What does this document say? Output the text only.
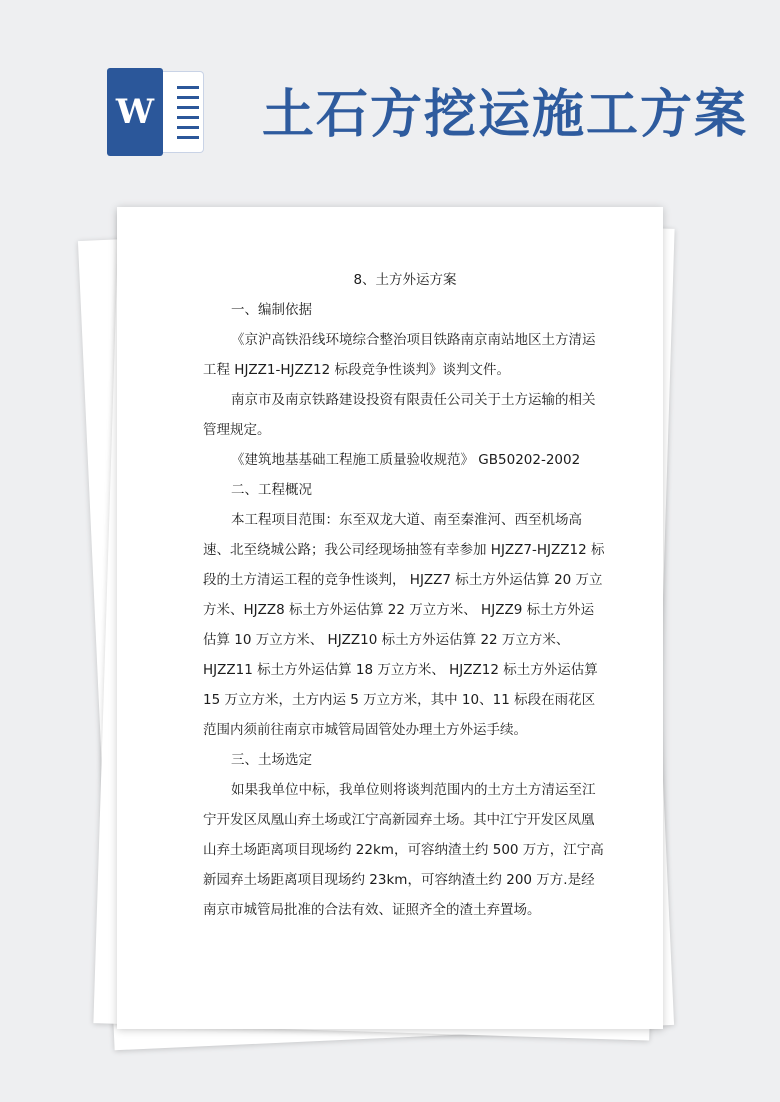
W 土石方挖运施工方案

8、土方外运方案

一、编制依据

《京沪高铁沿线环境综合整治项目铁路南京南站地区土方清运工程 HJZZ1-HJZZ12 标段竞争性谈判》谈判文件。

南京市及南京铁路建设投资有限责任公司关于土方运输的相关管理规定。

《建筑地基基础工程施工质量验收规范》 GB50202-2002

二、工程概况

本工程项目范围：东至双龙大道、南至秦淮河、西至机场高速、北至绕城公路；我公司经现场抽签有幸参加 HJZZ7-HJZZ12 标段的土方清运工程的竞争性谈判， HJZZ7 标土方外运估算 20 万立方米、HJZZ8 标土方外运估算 22 万立方米、 HJZZ9 标土方外运估算 10 万立方米、 HJZZ10 标土方外运估算 22 万立方米、 HJZZ11 标土方外运估算 18 万立方米、 HJZZ12 标土方外运估算 15 万立方米，土方内运 5 万立方米，其中 10、11 标段在雨花区范围内须前往南京市城管局固管处办理土方外运手续。

三、土场选定

如果我单位中标，我单位则将谈判范围内的土方土方清运至江宁开发区凤凰山弃土场或江宁高新园弃土场。其中江宁开发区凤凰山弃土场距离项目现场约 22km，可容纳渣土约 500 万方，江宁高新园弃土场距离项目现场约 23km，可容纳渣土约 200 万方.是经南京市城管局批准的合法有效、证照齐全的渣土弃置场。
